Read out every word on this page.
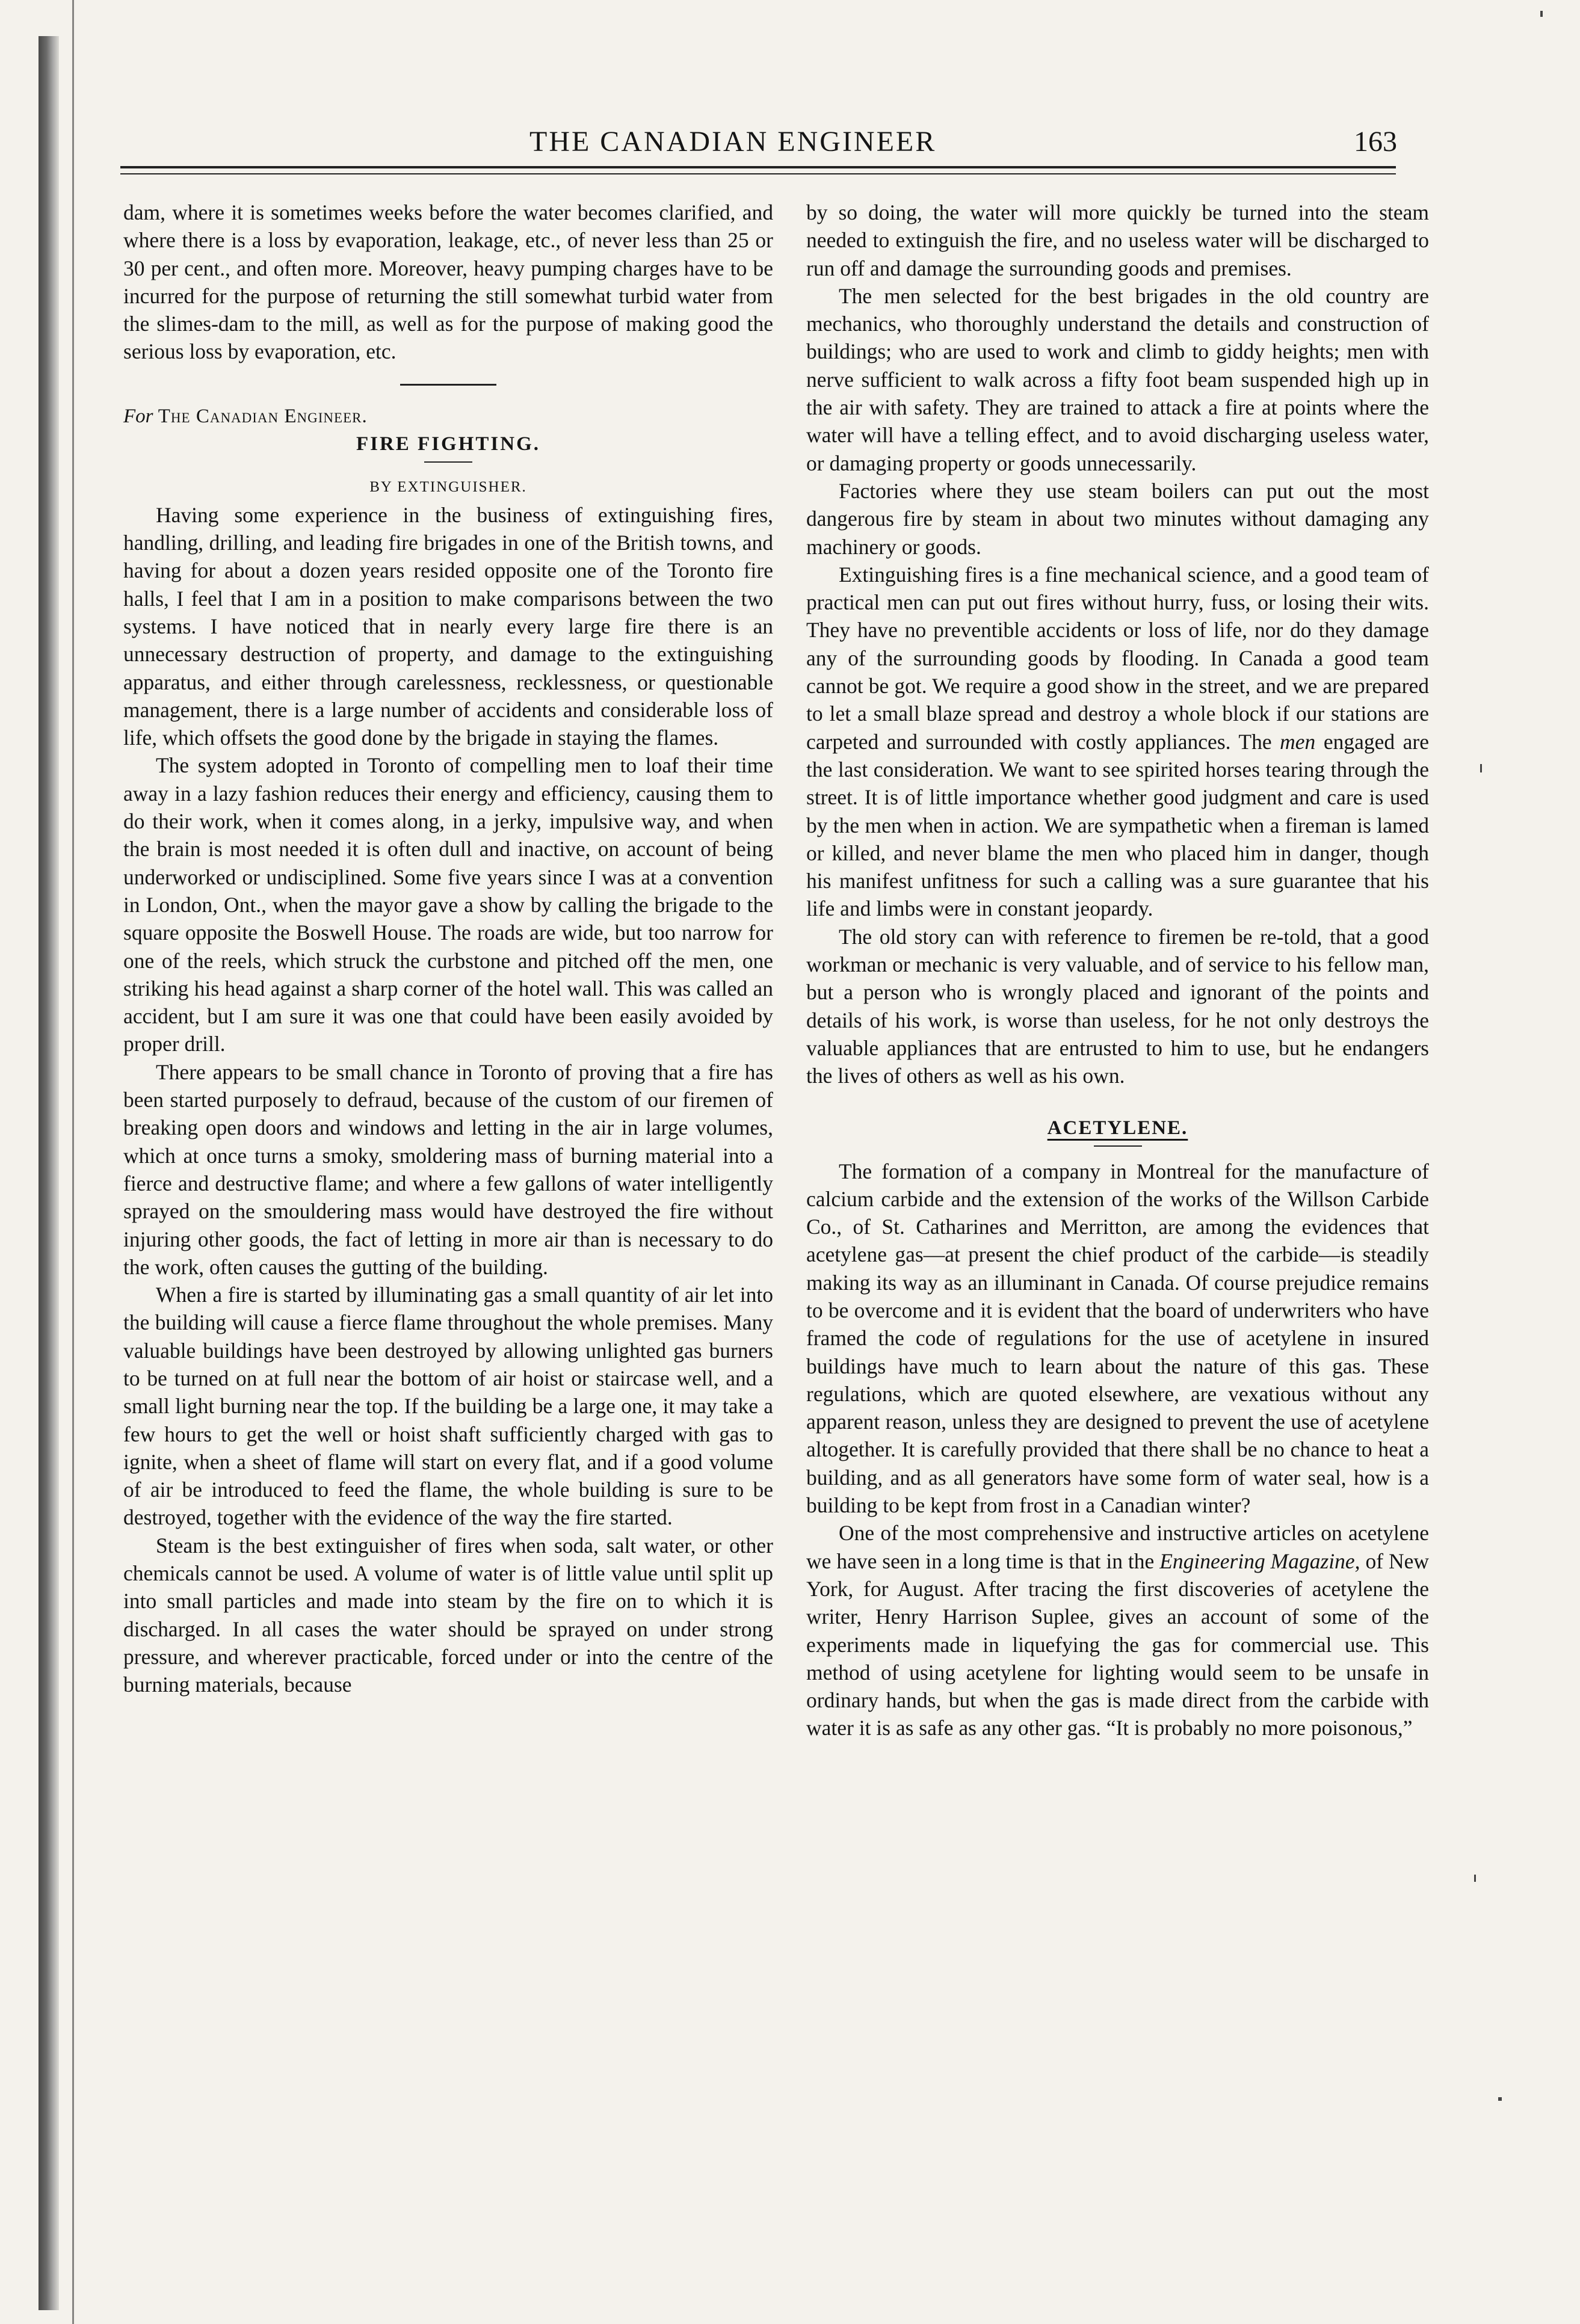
THE CANADIAN ENGINEER	163

dam, where it is sometimes weeks before the water becomes clarified, and where there is a loss by evaporation, leakage, etc., of never less than 25 or 30 per cent., and often more. Moreover, heavy pumping charges have to be incurred for the purpose of returning the still somewhat turbid water from the slimes-dam to the mill, as well as for the purpose of making good the serious loss by evaporation, etc.

For The Canadian Engineer.
FIRE FIGHTING.
BY EXTINGUISHER.

Having some experience in the business of extinguishing fires, handling, drilling, and leading fire brigades in one of the British towns, and having for about a dozen years resided opposite one of the Toronto fire halls, I feel that I am in a position to make comparisons between the two systems. I have noticed that in nearly every large fire there is an unnecessary destruction of property, and damage to the extinguishing apparatus, and either through carelessness, recklessness, or questionable management, there is a large number of accidents and considerable loss of life, which offsets the good done by the brigade in staying the flames.

The system adopted in Toronto of compelling men to loaf their time away in a lazy fashion reduces their energy and efficiency, causing them to do their work, when it comes along, in a jerky, impulsive way, and when the brain is most needed it is often dull and inactive, on account of being underworked or undisciplined. Some five years since I was at a convention in London, Ont., when the mayor gave a show by calling the brigade to the square opposite the Boswell House. The roads are wide, but too narrow for one of the reels, which struck the curbstone and pitched off the men, one striking his head against a sharp corner of the hotel wall. This was called an accident, but I am sure it was one that could have been easily avoided by proper drill.

There appears to be small chance in Toronto of proving that a fire has been started purposely to defraud, because of the custom of our firemen of breaking open doors and windows and letting in the air in large volumes, which at once turns a smoky, smoldering mass of burning material into a fierce and destructive flame; and where a few gallons of water intelligently sprayed on the smouldering mass would have destroyed the fire without injuring other goods, the fact of letting in more air than is necessary to do the work, often causes the gutting of the building.

When a fire is started by illuminating gas a small quantity of air let into the building will cause a fierce flame throughout the whole premises. Many valuable buildings have been destroyed by allowing unlighted gas burners to be turned on at full near the bottom of air hoist or staircase well, and a small light burning near the top. If the building be a large one, it may take a few hours to get the well or hoist shaft sufficiently charged with gas to ignite, when a sheet of flame will start on every flat, and if a good volume of air be introduced to feed the flame, the whole building is sure to be destroyed, together with the evidence of the way the fire started.

Steam is the best extinguisher of fires when soda, salt water, or other chemicals cannot be used. A volume of water is of little value until split up into small particles and made into steam by the fire on to which it is discharged. In all cases the water should be sprayed on under strong pressure, and wherever practicable, forced under or into the centre of the burning materials, because

by so doing, the water will more quickly be turned into the steam needed to extinguish the fire, and no useless water will be discharged to run off and damage the surrounding goods and premises.

The men selected for the best brigades in the old country are mechanics, who thoroughly understand the details and construction of buildings; who are used to work and climb to giddy heights; men with nerve sufficient to walk across a fifty foot beam suspended high up in the air with safety. They are trained to attack a fire at points where the water will have a telling effect, and to avoid discharging useless water, or damaging property or goods unnecessarily.

Factories where they use steam boilers can put out the most dangerous fire by steam in about two minutes without damaging any machinery or goods.

Extinguishing fires is a fine mechanical science, and a good team of practical men can put out fires without hurry, fuss, or losing their wits. They have no preventible accidents or loss of life, nor do they damage any of the surrounding goods by flooding. In Canada a good team cannot be got. We require a good show in the street, and we are prepared to let a small blaze spread and destroy a whole block if our stations are carpeted and surrounded with costly appliances. The men engaged are the last consideration. We want to see spirited horses tearing through the street. It is of little importance whether good judgment and care is used by the men when in action. We are sympathetic when a fireman is lamed or killed, and never blame the men who placed him in danger, though his manifest unfitness for such a calling was a sure guarantee that his life and limbs were in constant jeopardy.

The old story can with reference to firemen be re-told, that a good workman or mechanic is very valuable, and of service to his fellow man, but a person who is wrongly placed and ignorant of the points and details of his work, is worse than useless, for he not only destroys the valuable appliances that are entrusted to him to use, but he endangers the lives of others as well as his own.

ACETYLENE.

The formation of a company in Montreal for the manufacture of calcium carbide and the extension of the works of the Willson Carbide Co., of St. Catharines and Merritton, are among the evidences that acetylene gas—at present the chief product of the carbide—is steadily making its way as an illuminant in Canada. Of course prejudice remains to be overcome and it is evident that the board of underwriters who have framed the code of regulations for the use of acetylene in insured buildings have much to learn about the nature of this gas. These regulations, which are quoted elsewhere, are vexatious without any apparent reason, unless they are designed to prevent the use of acetylene altogether. It is carefully provided that there shall be no chance to heat a building, and as all generators have some form of water seal, how is a building to be kept from frost in a Canadian winter?

One of the most comprehensive and instructive articles on acetylene we have seen in a long time is that in the Engineering Magazine, of New York, for August. After tracing the first discoveries of acetylene the writer, Henry Harrison Suplee, gives an account of some of the experiments made in liquefying the gas for commercial use. This method of using acetylene for lighting would seem to be unsafe in ordinary hands, but when the gas is made direct from the carbide with water it is as safe as any other gas. “It is probably no more poisonous,”
